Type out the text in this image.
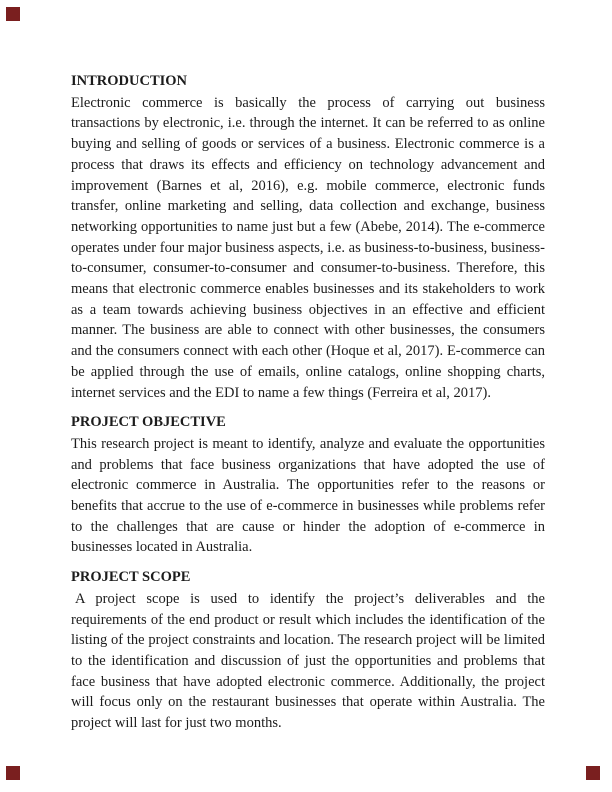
INTRODUCTION

Electronic commerce is basically the process of carrying out business transactions by electronic, i.e. through the internet. It can be referred to as online buying and selling of goods or services of a business. Electronic commerce is a process that draws its effects and efficiency on technology advancement and improvement (Barnes et al, 2016), e.g. mobile commerce, electronic funds transfer, online marketing and selling, data collection and exchange, business networking opportunities to name just but a few (Abebe, 2014). The e-commerce operates under four major business aspects, i.e. as business-to-business, business-to-consumer, consumer-to-consumer and consumer-to-business. Therefore, this means that electronic commerce enables businesses and its stakeholders to work as a team towards achieving business objectives in an effective and efficient manner. The business are able to connect with other businesses, the consumers and the consumers connect with each other (Hoque et al, 2017). E-commerce can be applied through the use of emails, online catalogs, online shopping charts, internet services and the EDI to name a few things (Ferreira et al, 2017).

PROJECT OBJECTIVE

This research project is meant to identify, analyze and evaluate the opportunities and problems that face business organizations that have adopted the use of electronic commerce in Australia. The opportunities refer to the reasons or benefits that accrue to the use of e-commerce in businesses while problems refer to the challenges that are cause or hinder the adoption of e-commerce in businesses located in Australia.

PROJECT SCOPE

A project scope is used to identify the project’s deliverables and the requirements of the end product or result which includes the identification of the listing of the project constraints and location. The research project will be limited to the identification and discussion of just the opportunities and problems that face business that have adopted electronic commerce. Additionally, the project will focus only on the restaurant businesses that operate within Australia. The project will last for just two months.
